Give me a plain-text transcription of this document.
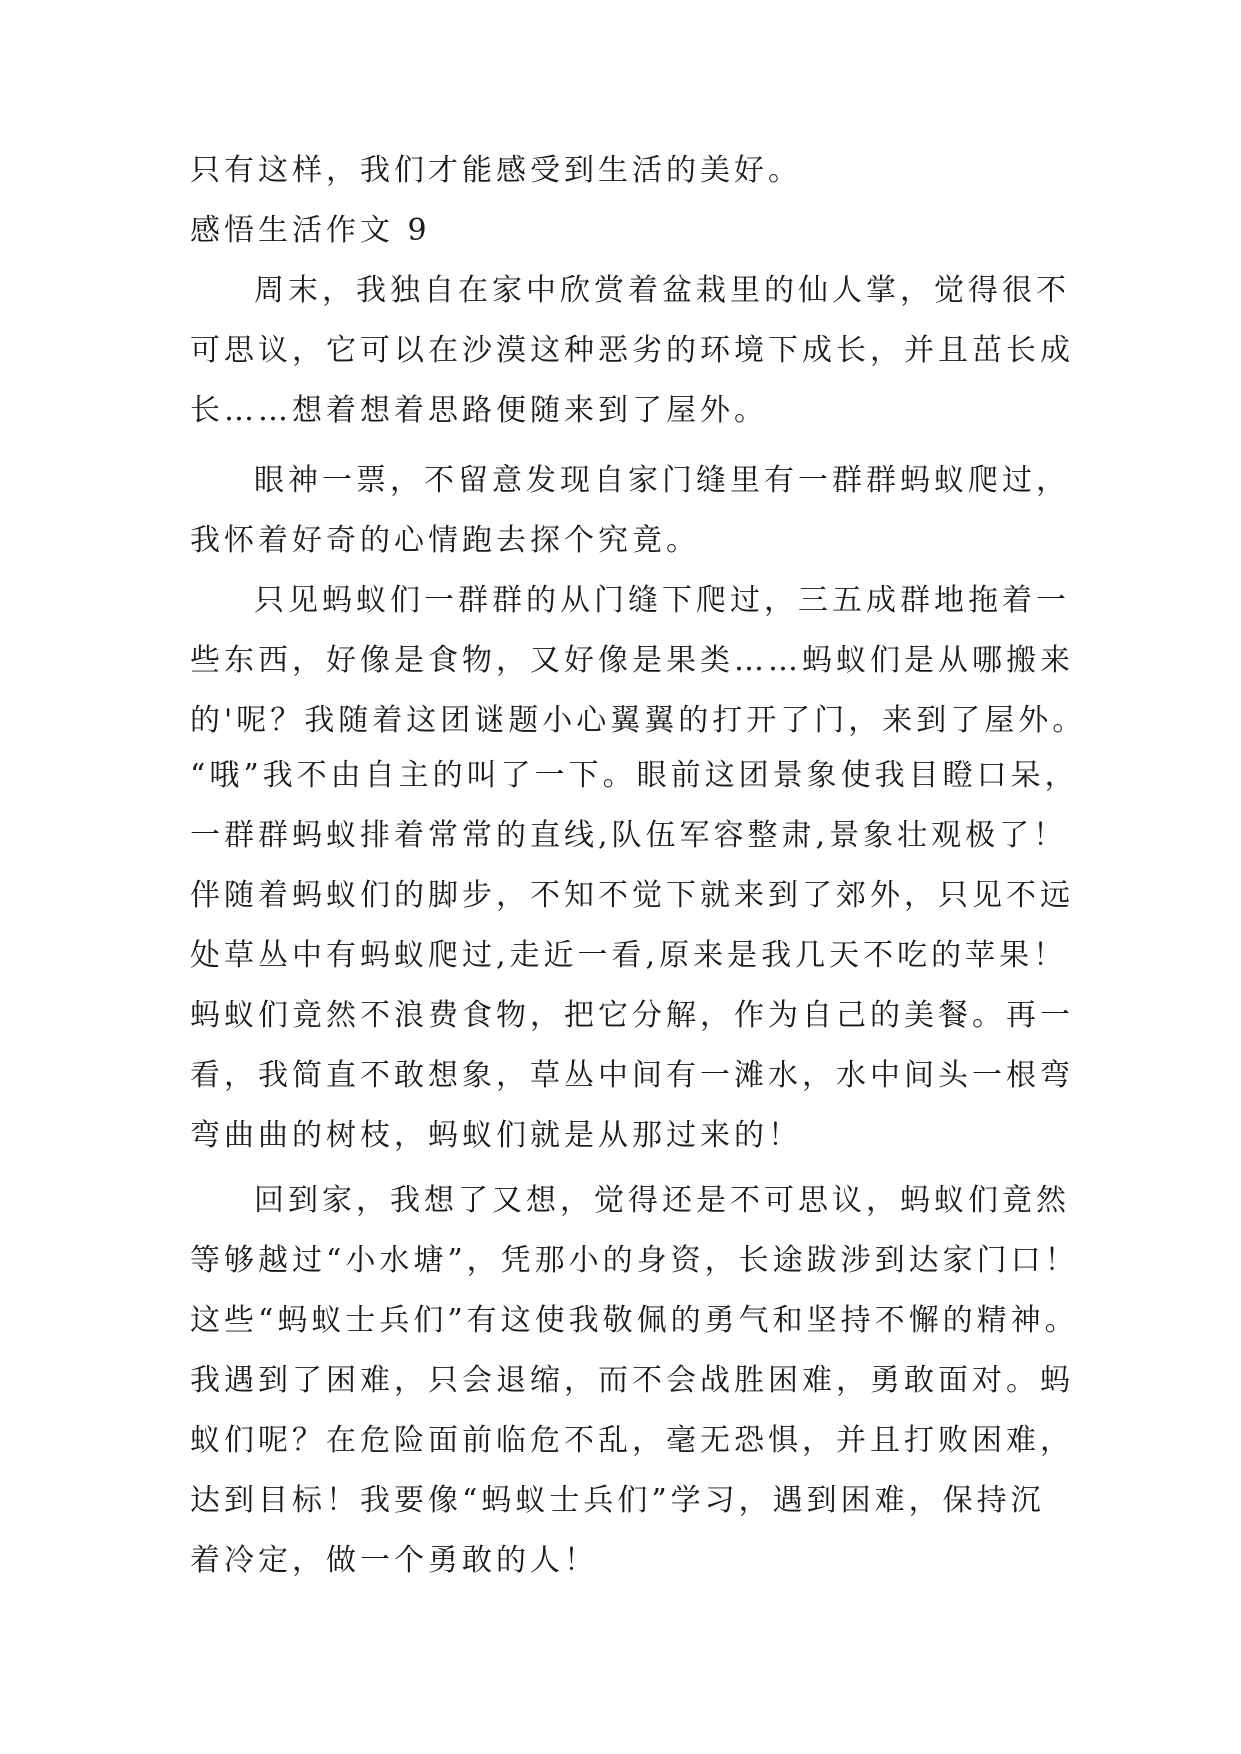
只有这样，我们才能感受到生活的美好。
感悟生活作文 9
周末，我独自在家中欣赏着盆栽里的仙人掌，觉得很不
可思议，它可以在沙漠这种恶劣的环境下成长，并且茁长成
长……想着想着思路便随来到了屋外。
眼神一票，不留意发现自家门缝里有一群群蚂蚁爬过，
我怀着好奇的心情跑去探个究竟。
只见蚂蚁们一群群的从门缝下爬过，三五成群地拖着一
些东西，好像是食物，又好像是果类……蚂蚁们是从哪搬来
的'呢？我随着这团谜题小心翼翼的打开了门，来到了屋外。
“哦”我不由自主的叫了一下。眼前这团景象使我目瞪口呆，
一群群蚂蚁排着常常的直线,队伍军容整肃,景象壮观极了！
伴随着蚂蚁们的脚步，不知不觉下就来到了郊外，只见不远
处草丛中有蚂蚁爬过,走近一看,原来是我几天不吃的苹果！
蚂蚁们竟然不浪费食物，把它分解，作为自己的美餐。再一
看，我简直不敢想象，草丛中间有一滩水，水中间头一根弯
弯曲曲的树枝，蚂蚁们就是从那过来的！
回到家，我想了又想，觉得还是不可思议，蚂蚁们竟然
等够越过“小水塘”，凭那小的身资，长途跋涉到达家门口！
这些“蚂蚁士兵们”有这使我敬佩的勇气和坚持不懈的精神。
我遇到了困难，只会退缩，而不会战胜困难，勇敢面对。蚂
蚁们呢？在危险面前临危不乱，毫无恐惧，并且打败困难，
达到目标！我要像“蚂蚁士兵们”学习，遇到困难，保持沉
着冷定，做一个勇敢的人！
